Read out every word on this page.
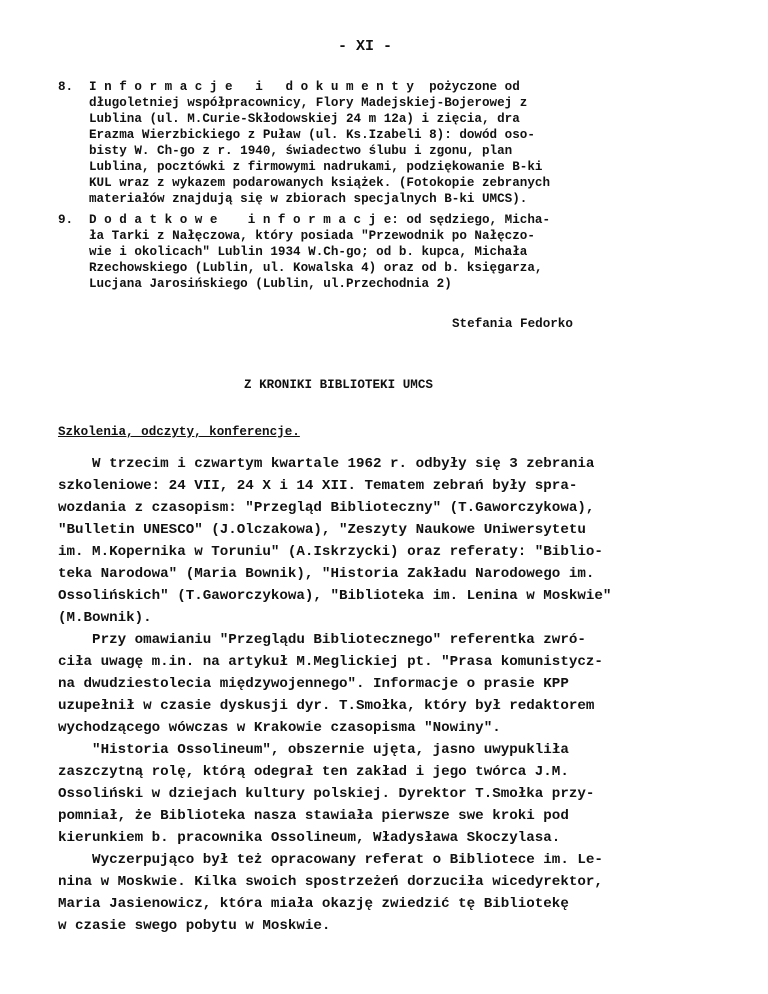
- XI -
8. I n f o r m a c j e   i   d o k u m e n t y  pożyczone od
długoletniej współpracownicy, Flory Madejskiej-Bojerowej z
Lublina (ul. M.Curie-Skłodowskiej 24 m 12a) i zięcia, dra
Erazma Wierzbickiego z Puław (ul. Ks.Izabeli 8): dowód oso-
bisty W. Ch-go z r. 1940, świadectwo ślubu i zgonu, plan
Lublina, pocztówki z firmowymi nadrukami, podziękowanie B-ki
KUL wraz z wykazem podarowanych książek. (Fotokopie zebranych
materiałów znajdują się w zbiorach specjalnych B-ki UMCS).
9. D o d a t k o w e    i n f o r m a c j e: od sędziego, Micha-
ła Tarki z Nałęczowa, który posiada "Przewodnik po Nałęczo-
wie i okolicach" Lublin 1934 W.Ch-go; od b. kupca, Michała
Rzechowskiego (Lublin, ul. Kowalska 4) oraz od b. księgarza,
Lucjana Jarosińskiego (Lublin, ul.Przechodnia 2)
Stefania Fedorko
Z KRONIKI BIBLIOTEKI UMCS
Szkolenia, odczyty, konferencje.
W trzecim i czwartym kwartale 1962 r. odbyły się 3 zebrania
szkoleniowe: 24 VII, 24 X i 14 XII. Tematem zebrań były spra-
wozdania z czasopism: "Przegląd Biblioteczny" (T.Gaworczykowa),
"Bulletin UNESCO" (J.Olczakowa), "Zeszyty Naukowe Uniwersytetu
im. M.Kopernika w Toruniu" (A.Iskrzycki) oraz referaty: "Biblio-
teka Narodowa" (Maria Bownik), "Historia Zakładu Narodowego im.
Ossolińskich" (T.Gaworczykowa), "Biblioteka im. Lenina w Moskwie"
(M.Bownik).
Przy omawianiu "Przeglądu Bibliotecznego" referentka zwró-
ciła uwagę m.in. na artykuł M.Meglickiej pt. "Prasa komunistycz-
na dwudziestolecia międzywojennego". Informacje o prasie KPP
uzupełnił w czasie dyskusji dyr. T.Smołka, który był redaktorem
wychodzącego wówczas w Krakowie czasopisma "Nowiny".
"Historia Ossolineum", obszernie ujęta, jasno uwypukliła
zaszczytną rolę, którą odegrał ten zakład i jego twórca J.M.
Ossoliński w dziejach kultury polskiej. Dyrektor T.Smołka przy-
pomniał, że Biblioteka nasza stawiała pierwsze swe kroki pod
kierunkiem b. pracownika Ossolineum, Władysława Skoczylasa.
Wyczerpująco był też opracowany referat o Bibliotece im. Le-
nina w Moskwie. Kilka swoich spostrzeżeń dorzuciła wicedyrektor,
Maria Jasienowicz, która miała okazję zwiedzić tę Bibliotekę
w czasie swego pobytu w Moskwie.
